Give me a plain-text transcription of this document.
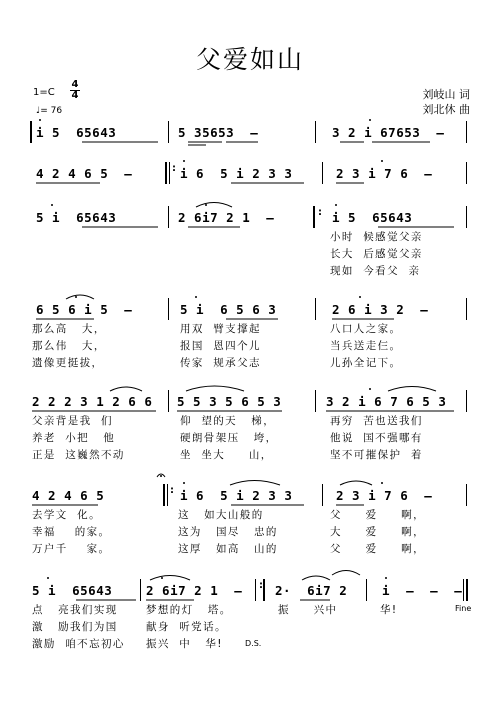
父爱如山
刘岐山 词
刘北休 曲
$1=C \frac{4}{4}$
♩= 76
i 5  65643	5 35653  –	3 2 i 67653  –
4 2 4 6 5  –	: i 6  5 i 2 3 3	2 3 i 7 6  –
5 i  65643	2 6i7 2 1  –	: i 5  65643
小时  候感觉父亲
长大  后感觉父亲
现如  今看父  亲
6 5 6 i 5  –	5 i  6 5 6 3	2 6 i 3 2  –
那么高   大，	用双  臂支撑起	八口人之家。
那么伟   大，	报国  恩四个儿	当兵送走仨。
遗像更挺拔，	传家  规承父志	儿孙全记下。
2 2 2 3 1 2 6 6 5 5 3 5 6 5 3	3 2 i 6 7 6 5 3
父亲背是我  们	仰  望的天   梯，	再穷  苦也送我们
养老  小把   他	硬朗骨架压   垮，	他说  国不强哪有
正是  这巍然不动	坐  坐大     山，	坚不可摧保护  着
4 2 4 6 5	: i 6  5 i 2 3 3	2 3 i 7 6  –
去学文  化。	这   如大山般的	父     爱     啊，
幸福    的家。	这为   国尽   忠的	大     爱     啊，
万户千    家。	这厚   如高   山的	父     爱     啊，
5 i  65643	2 6i7 2 1  – : 2·  6i7 2	i  –  –  –
点   亮我们实现	梦想的灯   塔。	振     兴中	华!	Fine
激   励我们为国	献身  听党话。
激励  咱不忘初心 振兴  中   华!	D.S.
